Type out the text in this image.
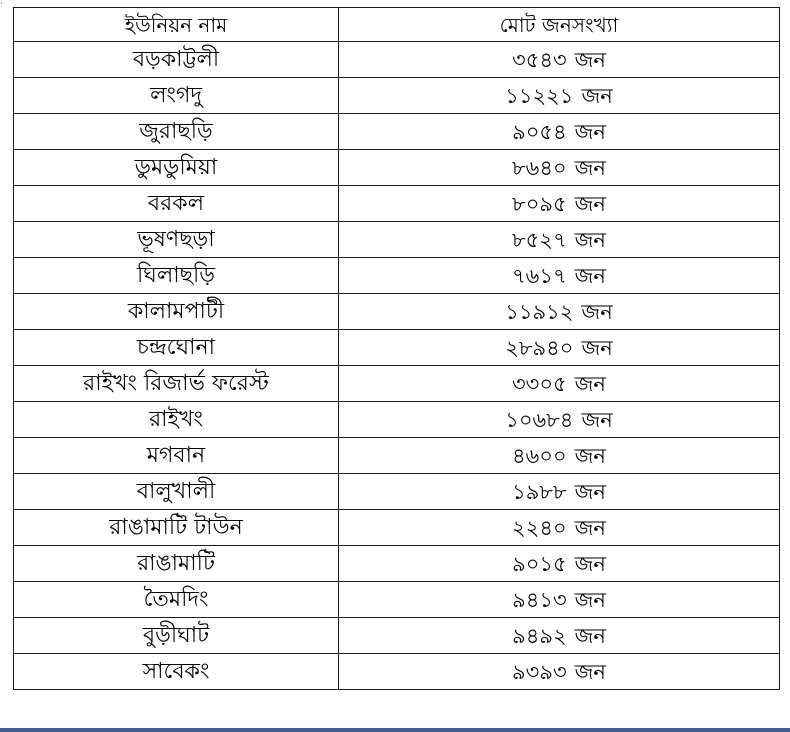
·
ইউনিয়ন নাম	মোট জনসংখ্যা
বড়কাট্টলী	৩৫৪৩ জন
লংগদু	১১২২১ জন
জুরাছড়ি	৯০৫৪ জন
ডুমডুমিয়া	৮৬৪০ জন
বরকল	৮০৯৫ জন
ভূষণছড়া	৮৫২৭ জন
ঘিলাছড়ি	৭৬১৭ জন
কালামপাটী	১১৯১২ জন
চন্দ্রঘোনা	২৮৯৪০ জন
রাইখং রিজার্ভ ফরেস্ট	৩৩০৫ জন
রাইখং	১০৬৮৪ জন
মগবান	৪৬০০ জন
বালুখালী	১৯৮৮ জন
রাঙামাটি টাউন	২২৪০ জন
রাঙামাটি	৯০১৫ জন
তৈমদিং	৯৪১৩ জন
বুড়ীঘাট	৯৪৯২ জন
সাবেকং	৯৩৯৩ জন
